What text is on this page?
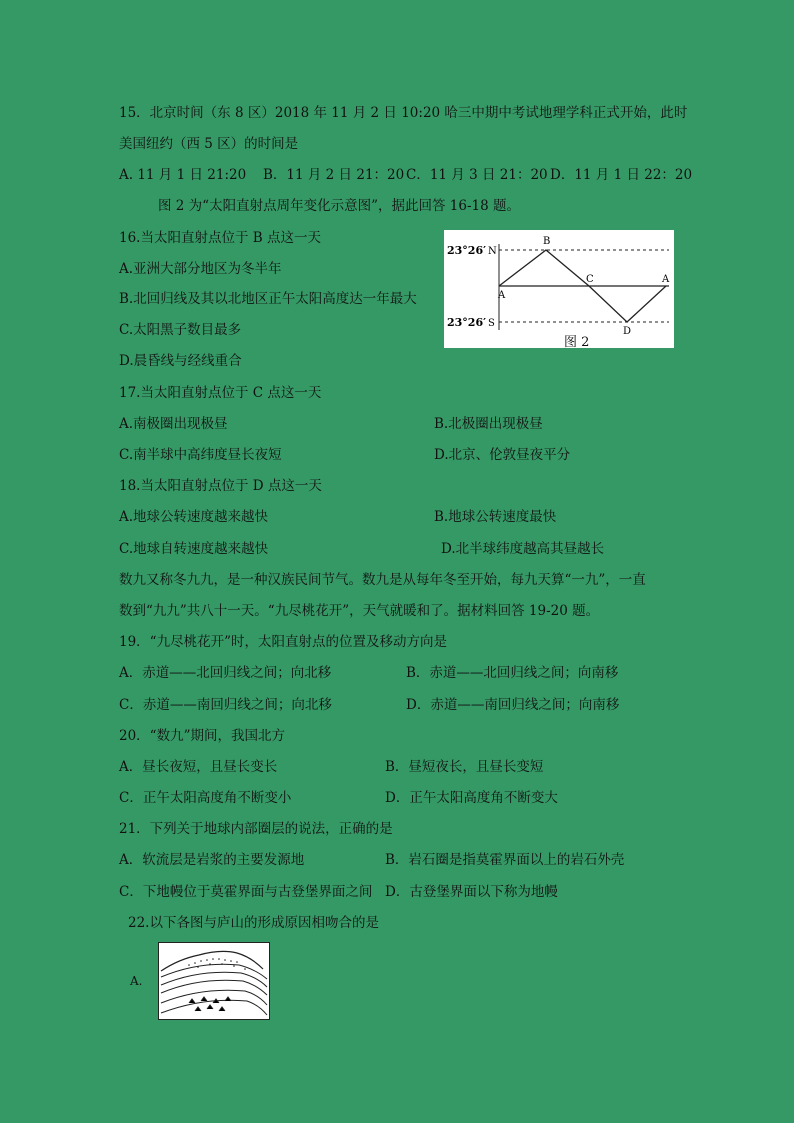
15．北京时间（东 8 区）2018 年 11 月 2 日 10:20 哈三中期中考试地理学科正式开始，此时
美国纽约（西 5 区）的时间是
A. 11 月 1 日 21:20 B．11 月 2 日 21：20 C．11 月 3 日 21：20 D．11 月 1 日 22：20
图 2 为“太阳直射点周年变化示意图”，据此回答 16-18 题。
16.当太阳直射点位于 B 点这一天
A.亚洲大部分地区为冬半年
B.北回归线及其以北地区正午太阳高度达一年最大
C.太阳黑子数目最多
D.晨昏线与经线重合
23°26′
23°26′
N
S
A
B
C
D
A
图 2
17.当太阳直射点位于 C 点这一天
A.南极圈出现极昼	B.北极圈出现极昼
C.南半球中高纬度昼长夜短	D.北京、伦敦昼夜平分
18.当太阳直射点位于 D 点这一天
A.地球公转速度越来越快	B.地球公转速度最快
C.地球自转速度越来越快	D.北半球纬度越高其昼越长
数九又称冬九九，是一种汉族民间节气。数九是从每年冬至开始，每九天算“一九”，一直
数到“九九”共八十一天。“九尽桃花开”，天气就暖和了。据材料回答 19-20 题。
19．“九尽桃花开”时，太阳直射点的位置及移动方向是
A．赤道——北回归线之间；向北移	B．赤道——北回归线之间；向南移
C．赤道——南回归线之间；向北移	D．赤道——南回归线之间；向南移
20．“数九”期间，我国北方
A．昼长夜短，且昼长变长	B．昼短夜长，且昼长变短
C．正午太阳高度角不断变小	D．正午太阳高度角不断变大
21．下列关于地球内部圈层的说法，正确的是
A．软流层是岩浆的主要发源地	B．岩石圈是指莫霍界面以上的岩石外壳
C．下地幔位于莫霍界面与古登堡界面之间 D．古登堡界面以下称为地幔
22.以下各图与庐山的形成原因相吻合的是
A.
